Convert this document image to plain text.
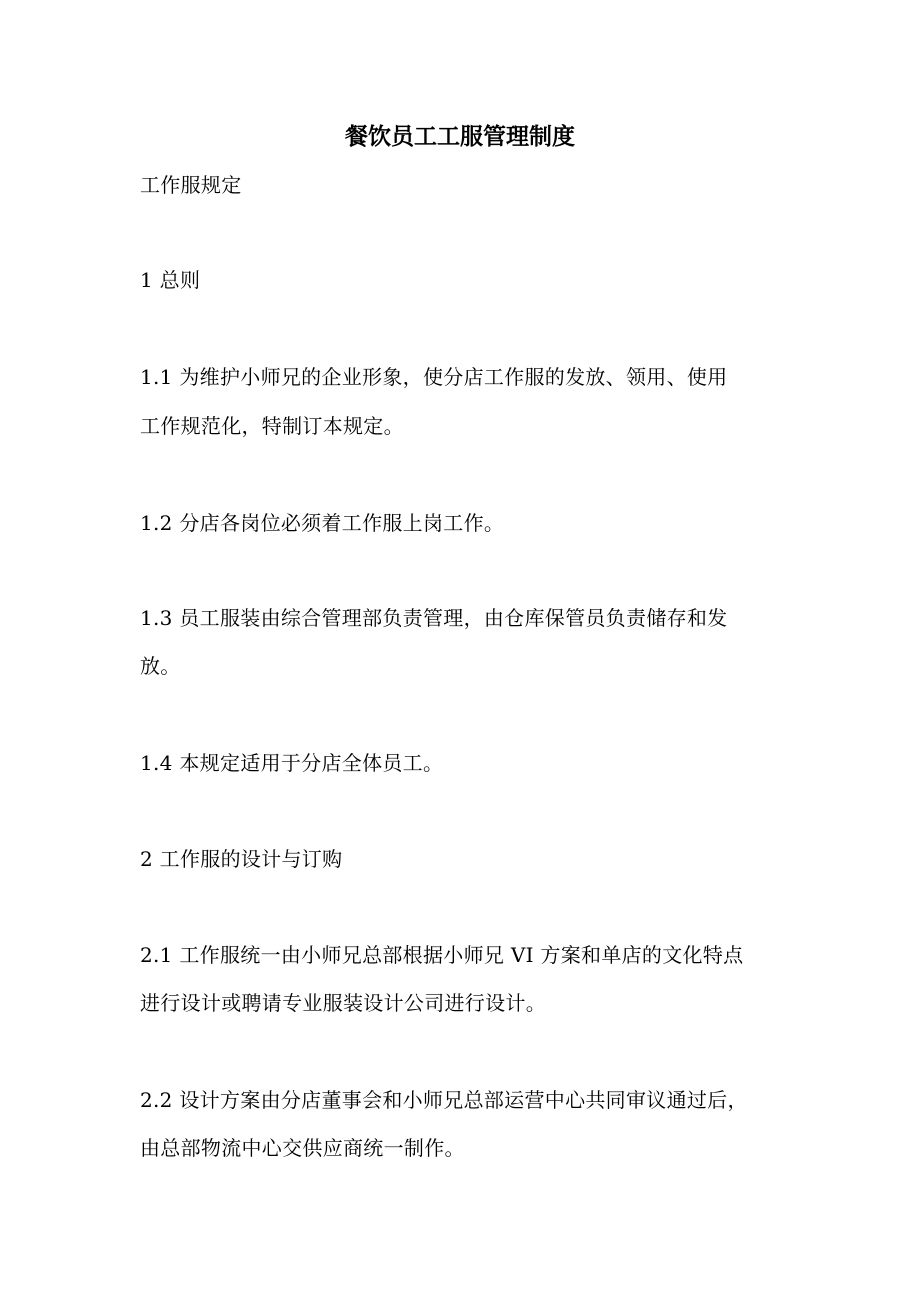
餐饮员工工服管理制度
工作服规定
1 总则
1.1 为维护小师兄的企业形象，使分店工作服的发放、领用、使用
工作规范化，特制订本规定。
1.2 分店各岗位必须着工作服上岗工作。
1.3 员工服装由综合管理部负责管理，由仓库保管员负责储存和发
放。
1.4 本规定适用于分店全体员工。
2 工作服的设计与订购
2.1 工作服统一由小师兄总部根据小师兄 VI 方案和单店的文化特点
进行设计或聘请专业服装设计公司进行设计。
2.2 设计方案由分店董事会和小师兄总部运营中心共同审议通过后，
由总部物流中心交供应商统一制作。
